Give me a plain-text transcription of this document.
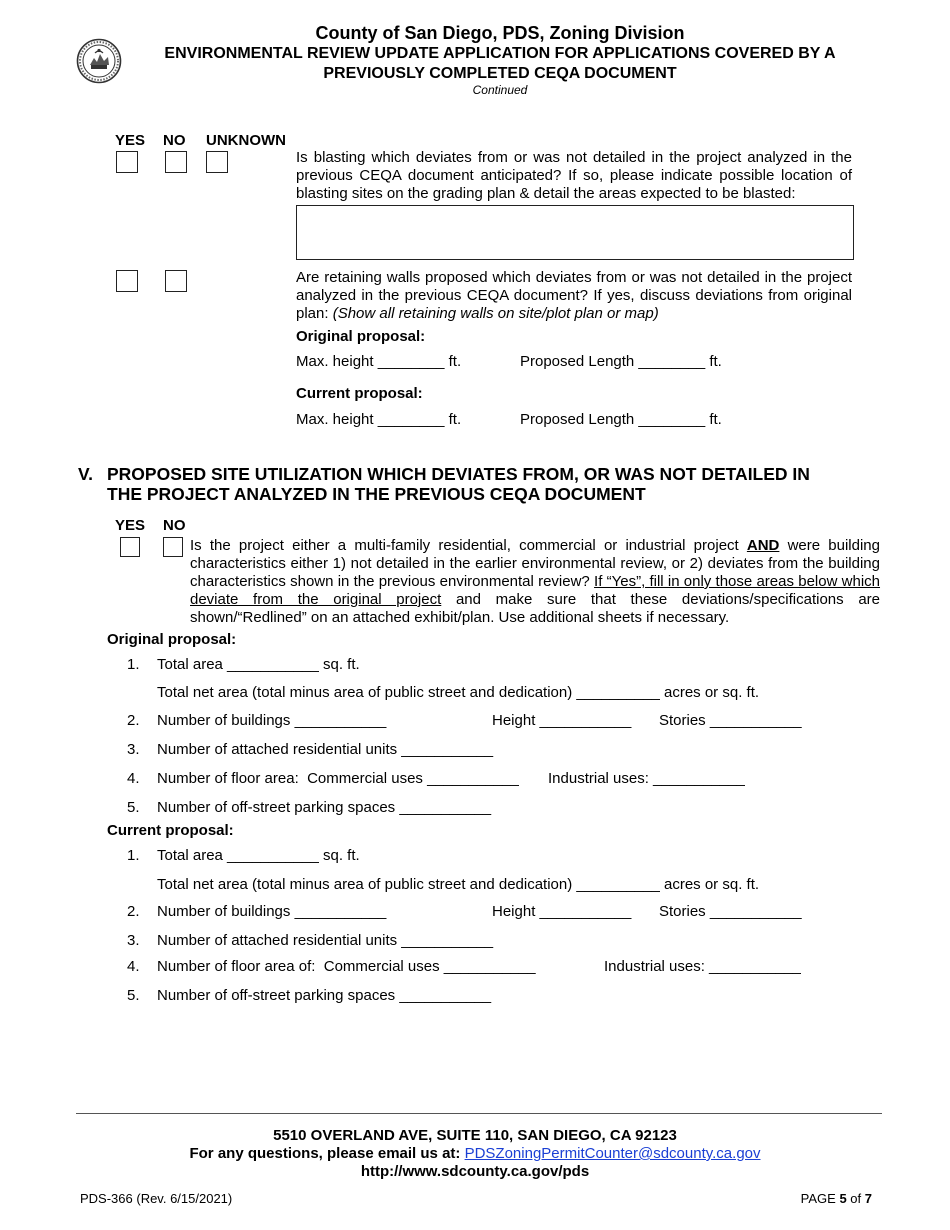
County of San Diego, PDS, Zoning Division
ENVIRONMENTAL REVIEW UPDATE APPLICATION FOR APPLICATIONS COVERED BY A
PREVIOUSLY COMPLETED CEQA DOCUMENT
Continued
YES NO UNKNOWN
Is blasting which deviates from or was not detailed in the project analyzed in the previous CEQA document anticipated? If so, please indicate possible location of blasting sites on the grading plan & detail the areas expected to be blasted:
Are retaining walls proposed which deviates from or was not detailed in the project analyzed in the previous CEQA document? If yes, discuss deviations from original plan: (Show all retaining walls on site/plot plan or map)
Original proposal:
Max. height ________ ft.	Proposed Length ________ ft.
Current proposal:
Max. height ________ ft.	Proposed Length ________ ft.
V. PROPOSED SITE UTILIZATION WHICH DEVIATES FROM, OR WAS NOT DETAILED IN
THE PROJECT ANALYZED IN THE PREVIOUS CEQA DOCUMENT
YES NO
Is the project either a multi-family residential, commercial or industrial project AND were building characteristics either 1) not detailed in the earlier environmental review, or 2) deviates from the building characteristics shown in the previous environmental review? If “Yes”, fill in only those areas below which deviate from the original project and make sure that these deviations/specifications are shown/“Redlined” on an attached exhibit/plan. Use additional sheets if necessary.
Original proposal:
1. Total area ___________ sq. ft.
Total net area (total minus area of public street and dedication) __________ acres or sq. ft.
2. Number of buildings ___________	Height ___________ Stories ___________
3. Number of attached residential units ___________
4. Number of floor area:  Commercial uses ___________ Industrial uses: ___________
5. Number of off-street parking spaces ___________
Current proposal:
1. Total area ___________ sq. ft.
Total net area (total minus area of public street and dedication) __________ acres or sq. ft.
2. Number of buildings ___________	Height ___________ Stories ___________
3. Number of attached residential units ___________
4. Number of floor area of:  Commercial uses ___________	Industrial uses: ___________
5. Number of off-street parking spaces ___________
5510 OVERLAND AVE, SUITE 110, SAN DIEGO, CA 92123
For any questions, please email us at: PDSZoningPermitCounter@sdcounty.ca.gov
http://www.sdcounty.ca.gov/pds
PDS-366 (Rev. 6/15/2021)	PAGE 5 of 7
